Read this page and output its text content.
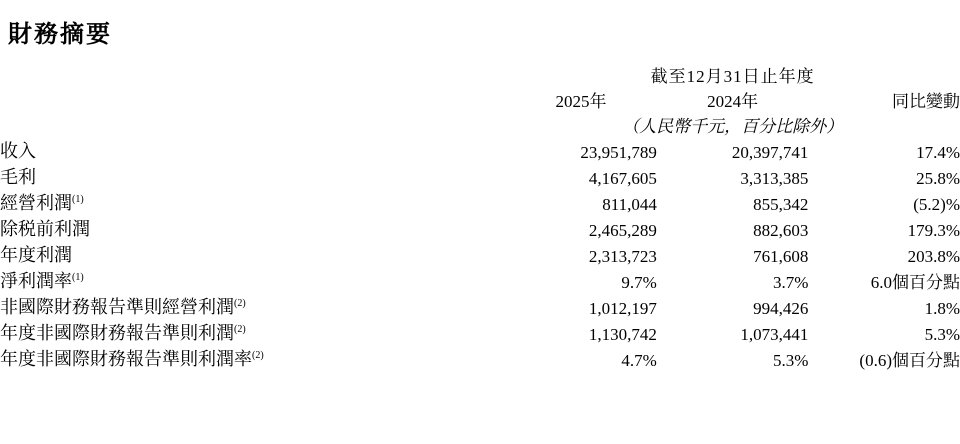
財務摘要
	截至12月31日止年度		
	2025年	2024年	同比變動
	（人民幣千元，百分比除外）		
收入	23,951,789	20,397,741	17.4%
毛利	4,167,605	3,313,385	25.8%
經營利潤$^{(1)}$	811,044	855,342	(5.2)%
除税前利潤	2,465,289	882,603	179.3%
年度利潤	2,313,723	761,608	203.8%
淨利潤率$^{(1)}$	9.7%	3.7%	6.0個百分點
非國際財務報告準則經營利潤$^{(2)}$	1,012,197	994,426	1.8%
年度非國際財務報告準則利潤$^{(2)}$	1,130,742	1,073,441	5.3%
年度非國際財務報告準則利潤率$^{(2)}$	4.7%	5.3%	(0.6)個百分點
